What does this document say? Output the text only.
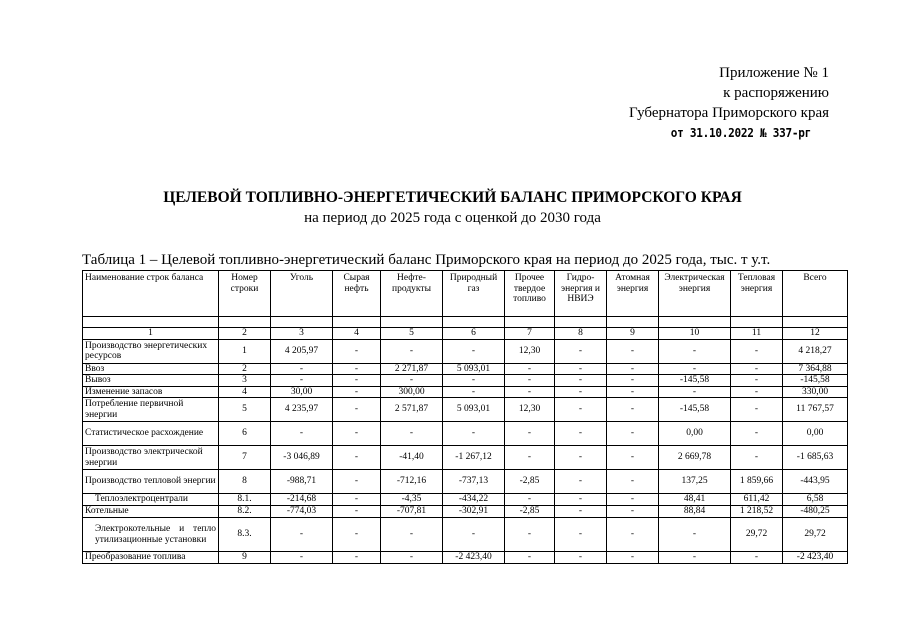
Приложение № 1
к распоряжению
Губернатора Приморского края
от 31.10.2022 № 337-рг
ЦЕЛЕВОЙ ТОПЛИВНО-ЭНЕРГЕТИЧЕСКИЙ БАЛАНС ПРИМОРСКОГО КРАЯ
на период до 2025 года с оценкой до 2030 года
Таблица 1 – Целевой топливно-энергетический баланс Приморского края на период до 2025 года, тыс. т у.т.
Наименование строк баланса	Номер строки	Уголь	Сырая нефть	Нефте-продукты	Природный газ	Прочее твердое топливо	Гидро-энергия и НВИЭ	Атомная энергия	Электрическая энергия	Тепловая энергия	Всего

1	2	3	4	5	6	7	8	9	10	11	12
Производство энергетических ресурсов	1	4 205,97	-	-	-	12,30	-	-	-	-	4 218,27
Ввоз	2	-	-	2 271,87	5 093,01	-	-	-	-	-	7 364,88
Вывоз	3	-	-	-	-	-	-	-	-145,58	-	-145,58
Изменение запасов	4	30,00	-	300,00	-	-	-	-	-	-	330,00
Потребление первичной энергии	5	4 235,97	-	2 571,87	5 093,01	12,30	-	-	-145,58	-	11 767,57
Статистическое расхождение	6	-	-	-	-	-	-	-	0,00	-	0,00
Производство электрической энергии	7	-3 046,89	-	-41,40	-1 267,12	-	-	-	2 669,78	-	-1 685,63
Производство тепловой энергии	8	-988,71	-	-712,16	-737,13	-2,85	-	-	137,25	1 859,66	-443,95
Теплоэлектроцентрали	8.1.	-214,68	-	-4,35	-434,22	-	-	-	48,41	611,42	6,58
Котельные	8.2.	-774,03	-	-707,81	-302,91	-2,85	-	-	88,84	1 218,52	-480,25
Электрокотельные и тепло утилизационные установки	8.3.	-	-	-	-	-	-	-	-	29,72	29,72
Преобразование топлива	9	-	-	-	-2 423,40	-	-	-	-	-	-2 423,40
